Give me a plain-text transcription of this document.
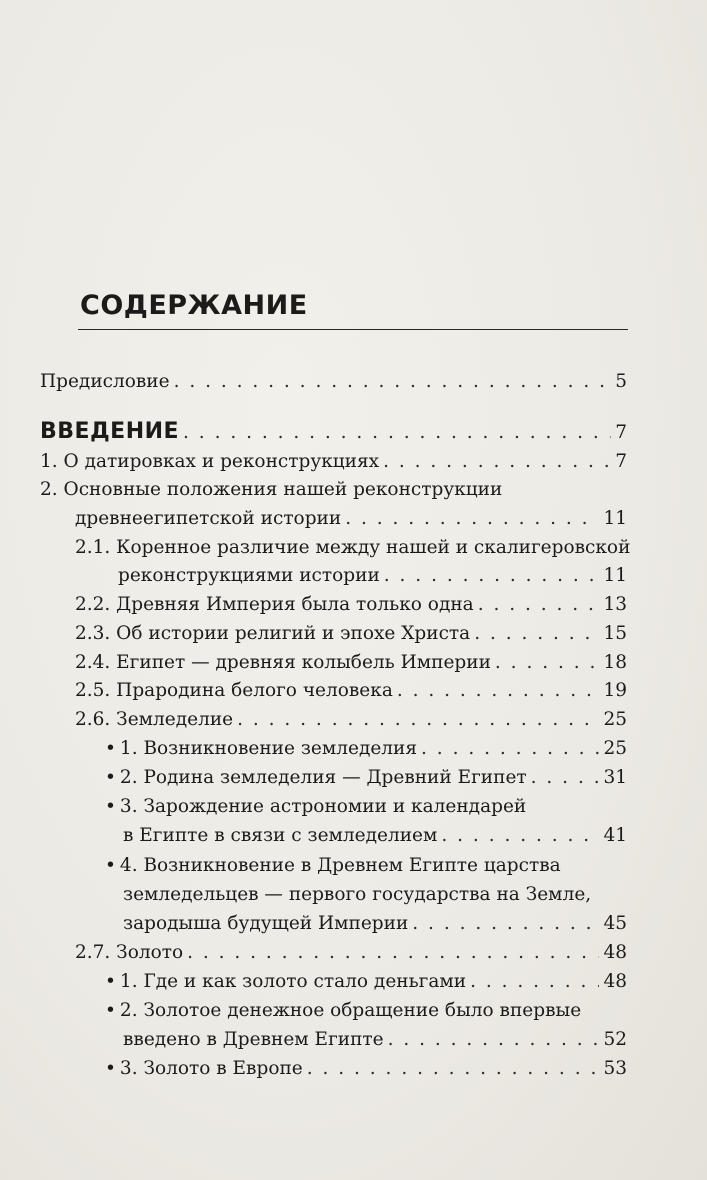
СОДЕРЖАНИЕ
Предисловие . . .	5
ВВЕДЕНИЕ . . .	7
1. О датировках и реконструкциях . . .	7
2. Основные положения нашей реконструкции
древнеегипетской истории . . .	11
2.1. Коренное различие между нашей и скалигеровской
реконструкциями истории . . .	11
2.2. Древняя Империя была только одна . . .	13
2.3. Об истории религий и эпохе Христа . . .	15
2.4. Египет — древняя колыбель Империи . . .	18
2.5. Прародина белого человека . . .	19
2.6. Земледелие . . .	25
• 1. Возникновение земледелия . . .	25
• 2. Родина земледелия — Древний Египет . . .	31
• 3. Зарождение астрономии и календарей
в Египте в связи с земледелием . . .	41
• 4. Возникновение в Древнем Египте царства
земледельцев — первого государства на Земле,
зародыша будущей Империи . . .	45
2.7. Золото . . .	48
• 1. Где и как золото стало деньгами . . .	48
• 2. Золотое денежное обращение было впервые
введено в Древнем Египте . . .	52
• 3. Золото в Европе . . .	53
